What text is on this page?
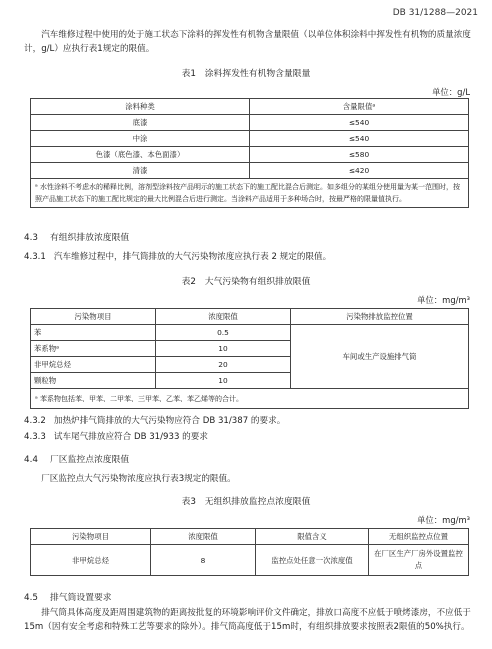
DB 31/1288—2021
汽车维修过程中使用的处于施工状态下涂料的挥发性有机物含量限值（以单位体积涂料中挥发性有机物的质量浓度计，g/L）应执行表1规定的限值。
表1　涂料挥发性有机物含量限量
单位：g/L
涂料种类	含量限值ᵃ
底漆	≤540
中涂	≤540
色漆（底色漆、本色面漆）	≤580
清漆	≤420
ᵃ 水性涂料不考虑水的稀释比例，溶剂型涂料按产品明示的施工状态下的施工配比混合后测定。如多组分的某组分使用量为某一范围时，按照产品施工状态下的施工配比规定的最大比例混合后进行测定。当涂料产品适用于多种场合时，按最严格的限量值执行。	
4.3 有组织排放浓度限值
4.3.1 汽车维修过程中，排气筒排放的大气污染物浓度应执行表 2 规定的限值。
表2　大气污染物有组织排放限值
单位：mg/m³
污染物项目	浓度限值	污染物排放监控位置
苯	0.5	车间或生产设施排气筒
苯系物ᵃ	10	
非甲烷总烃	20	
颗粒物	10	
ᵃ 苯系物包括苯、甲苯、二甲苯、三甲苯、乙苯、苯乙烯等的合计。		
4.3.2 加热炉排气筒排放的大气污染物应符合 DB 31/387 的要求。
4.3.3 试车尾气排放应符合 DB 31/933 的要求
4.4 厂区监控点浓度限值
厂区监控点大气污染物浓度应执行表3规定的限值。
表3　无组织排放监控点浓度限值
单位：mg/m³
污染物项目	浓度限值	限值含义	无组织监控点位置
非甲烷总烃	8	监控点处任意一次浓度值	在厂区生产厂房外设置监控点
4.5 排气筒设置要求
排气筒具体高度及距周围建筑物的距离按批复的环境影响评价文件确定，排放口高度不应低于喷烤漆房，不应低于15m（因有安全考虑和特殊工艺等要求的除外）。排气筒高度低于15m时，有组织排放要求按照表2限值的50%执行。
